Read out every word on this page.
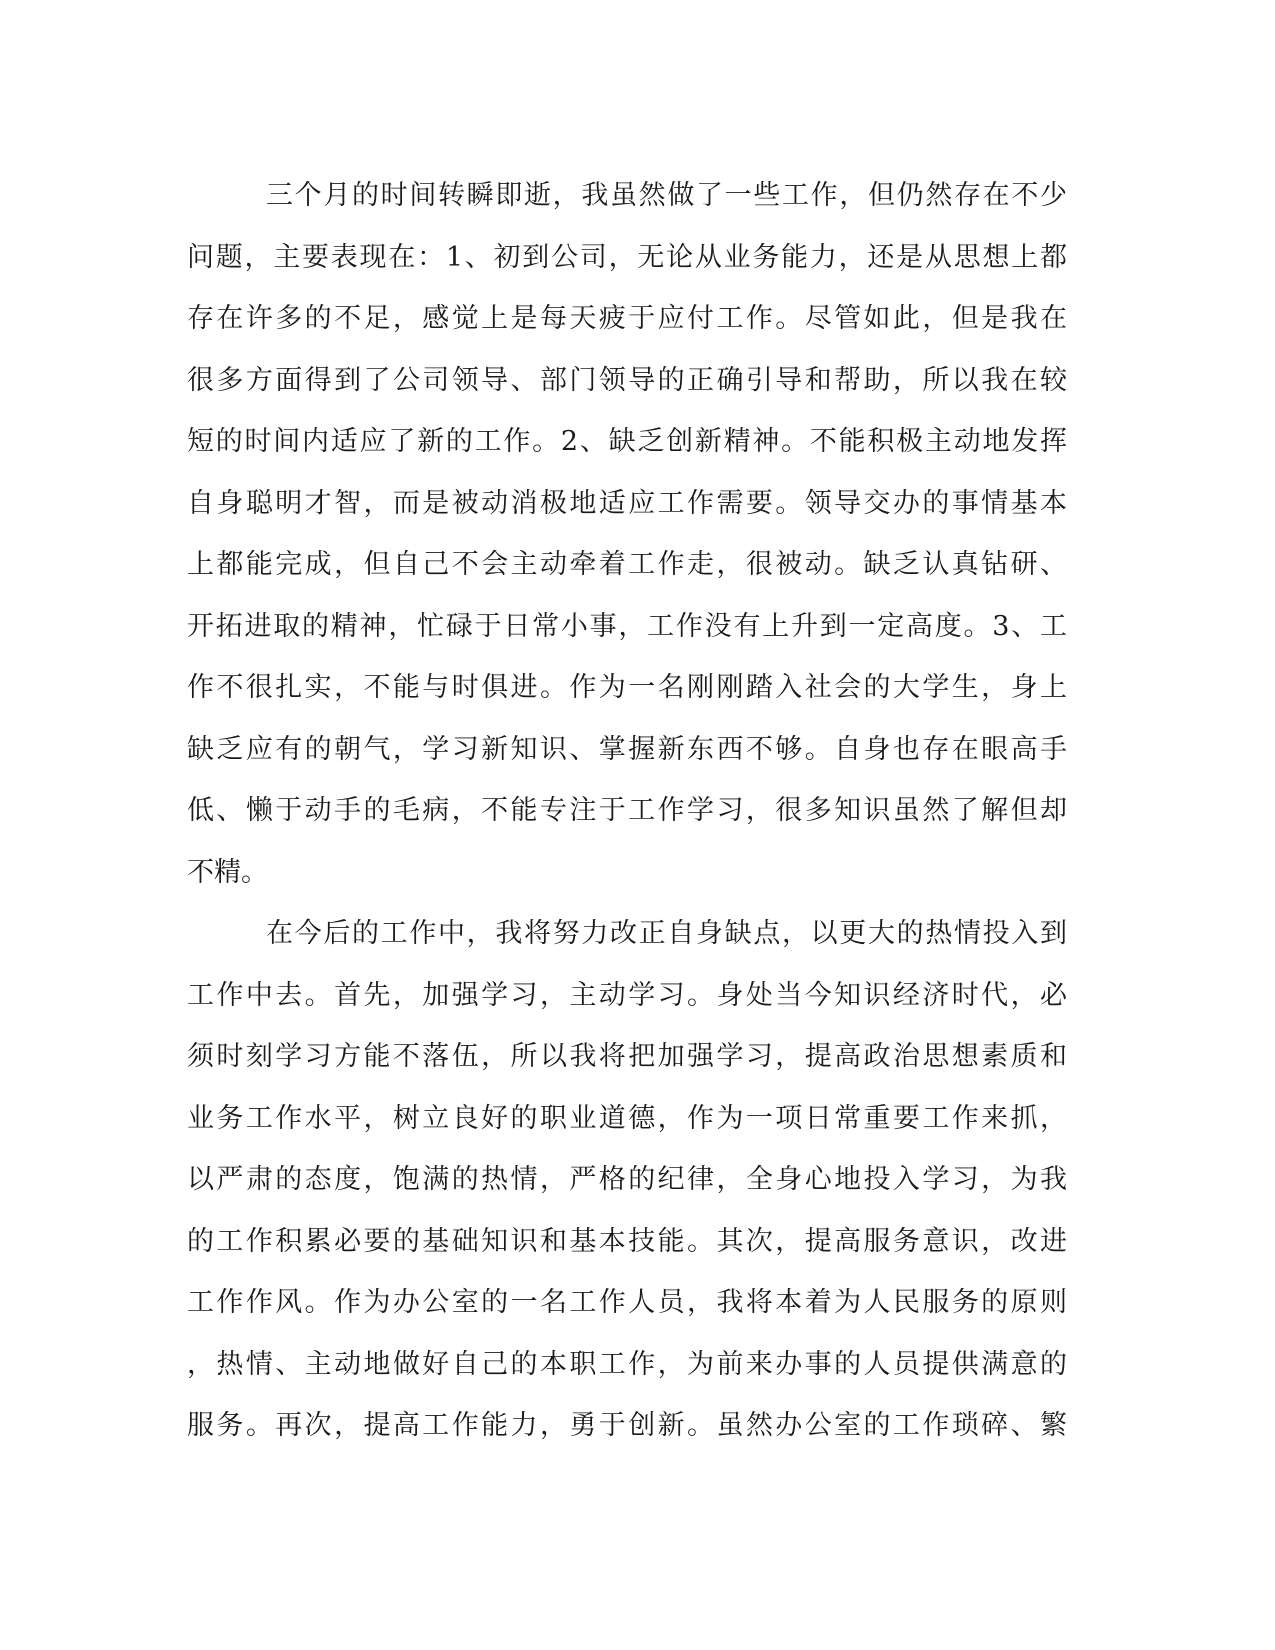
三个月的时间转瞬即逝，我虽然做了一些工作，但仍然存在不少
问题，主要表现在：1、初到公司，无论从业务能力，还是从思想上都
存在许多的不足，感觉上是每天疲于应付工作。尽管如此，但是我在
很多方面得到了公司领导、部门领导的正确引导和帮助，所以我在较
短的时间内适应了新的工作。2、缺乏创新精神。不能积极主动地发挥
自身聪明才智，而是被动消极地适应工作需要。领导交办的事情基本
上都能完成，但自己不会主动牵着工作走，很被动。缺乏认真钻研、
开拓进取的精神，忙碌于日常小事，工作没有上升到一定高度。3、工
作不很扎实，不能与时俱进。作为一名刚刚踏入社会的大学生，身上
缺乏应有的朝气，学习新知识、掌握新东西不够。自身也存在眼高手
低、懒于动手的毛病，不能专注于工作学习，很多知识虽然了解但却
不精。
在今后的工作中，我将努力改正自身缺点，以更大的热情投入到
工作中去。首先，加强学习，主动学习。身处当今知识经济时代，必
须时刻学习方能不落伍，所以我将把加强学习，提高政治思想素质和
业务工作水平，树立良好的职业道德，作为一项日常重要工作来抓，
以严肃的态度，饱满的热情，严格的纪律，全身心地投入学习，为我
的工作积累必要的基础知识和基本技能。其次，提高服务意识，改进
工作作风。作为办公室的一名工作人员，我将本着为人民服务的原则
，热情、主动地做好自己的本职工作，为前来办事的人员提供满意的
服务。再次，提高工作能力，勇于创新。虽然办公室的工作琐碎、繁
